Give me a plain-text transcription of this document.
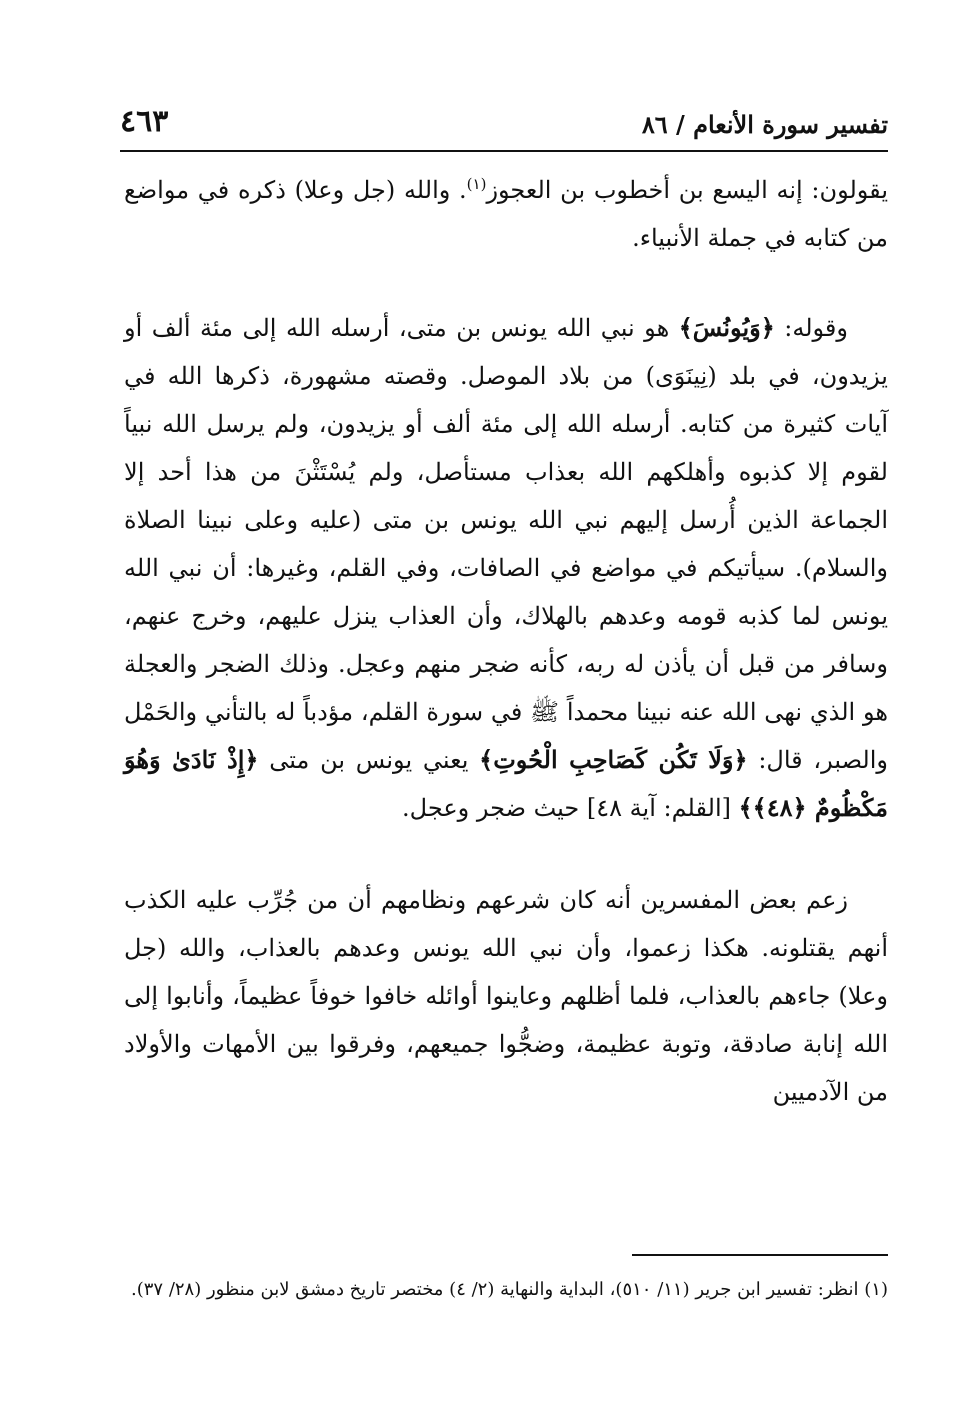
تفسير سورة الأنعام / ٨٦
٤٦٣

يقولون: إنه اليسع بن أخطوب بن العجوز$^{(١)}$. والله (جل وعلا) ذكره في مواضع من كتابه في جملة الأنبياء.

وقوله: ﴿وَيُونُسَ﴾ هو نبي الله يونس بن متى، أرسله الله إلى مئة ألف أو يزيدون، في بلد (نِينَوَى) من بلاد الموصل. وقصته مشهورة، ذكرها الله في آيات كثيرة من كتابه. أرسله الله إلى مئة ألف أو يزيدون، ولم يرسل الله نبياً لقوم إلا كذبوه وأهلكهم الله بعذاب مستأصل، ولم يُسْتَثْنَ من هذا أحد إلا الجماعة الذين أُرسل إليهم نبي الله يونس بن متى (عليه وعلى نبينا الصلاة والسلام). سيأتيكم في مواضع في الصافات، وفي القلم، وغيرها: أن نبي الله يونس لما كذبه قومه وعدهم بالهلاك، وأن العذاب ينزل عليهم، وخرج عنهم، وسافر من قبل أن يأذن له ربه، كأنه ضجر منهم وعجل. وذلك الضجر والعجلة هو الذي نهى الله عنه نبينا محمداً ﷺ في سورة القلم، مؤدباً له بالتأني والحَمْل والصبر، قال: ﴿وَلَا تَكُن كَصَاحِبِ الْحُوتِ﴾ يعني يونس بن متى ﴿إِذْ نَادَىٰ وَهُوَ مَكْظُومٌ ﴿٤٨﴾﴾ [القلم: آية ٤٨] حيث ضجر وعجل.

زعم بعض المفسرين أنه كان شرعهم ونظامهم أن من جُرِّب عليه الكذب أنهم يقتلونه. هكذا زعموا، وأن نبي الله يونس وعدهم بالعذاب، والله (جل وعلا) جاءهم بالعذاب، فلما أظلهم وعاينوا أوائله خافوا خوفاً عظيماً، وأنابوا إلى الله إنابة صادقة، وتوبة عظيمة، وضجُّوا جميعهم، وفرقوا بين الأمهات والأولاد من الآدميين

(١) انظر: تفسير ابن جرير (١١/ ٥١٠)، البداية والنهاية (٢/ ٤) مختصر تاريخ دمشق لابن منظور (٢٨/ ٣٧).
